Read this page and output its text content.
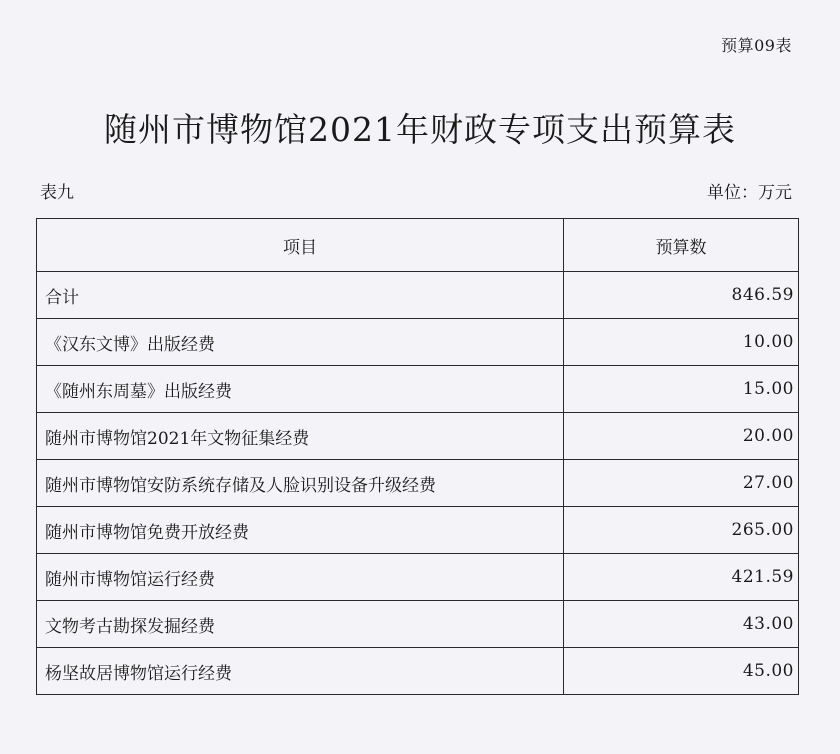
预算09表
随州市博物馆2021年财政专项支出预算表
表九	单位：万元
项目	预算数
合计	846.59
《汉东文博》出版经费	10.00
《随州东周墓》出版经费	15.00
随州市博物馆2021年文物征集经费	20.00
随州市博物馆安防系统存储及人脸识别设备升级经费	27.00
随州市博物馆免费开放经费	265.00
随州市博物馆运行经费	421.59
文物考古勘探发掘经费	43.00
杨坚故居博物馆运行经费	45.00
